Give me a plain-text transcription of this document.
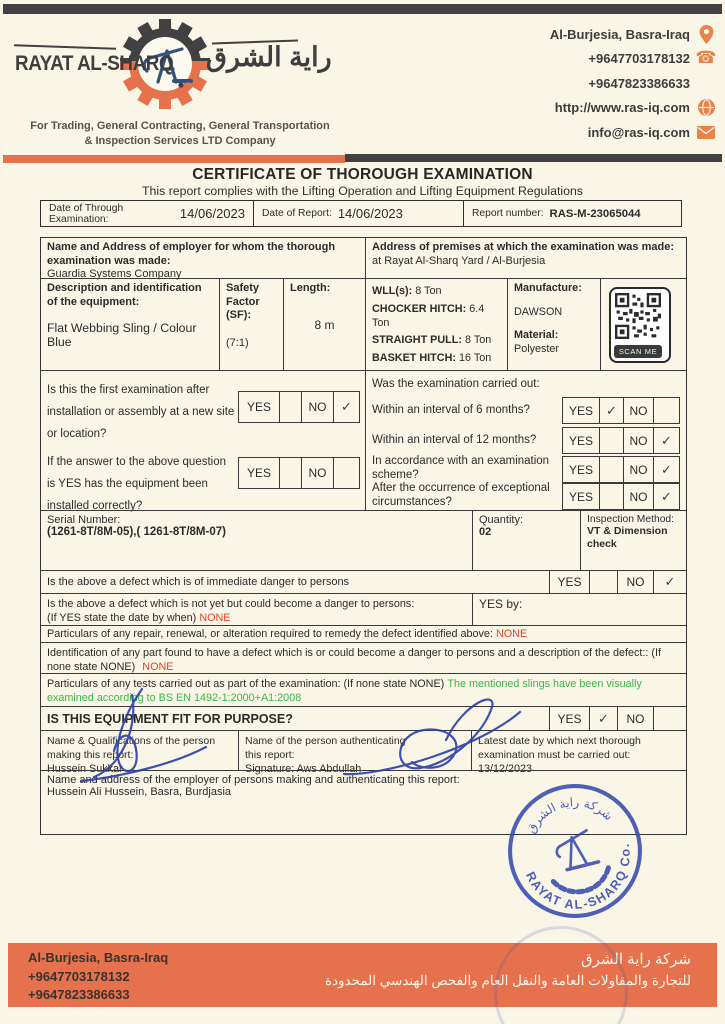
RAYAT AL-SHARQ راية الشرق
For Trading, General Contracting, General Transportation
& Inspection Services LTD Company
Al-Burjesia, Basra-Iraq
+9647703178132 ☎
+9647823386633
http://www.ras-iq.com
info@ras-iq.com
CERTIFICATE OF THOROUGH EXAMINATION
This report complies with the Lifting Operation and Lifting Equipment Regulations
Date of Through Examination:	14/06/2023 Date of Report: 14/06/2023	Report number: RAS-M-23065044
Name and Address of employer for whom the thorough examination was made:
Guardia Systems Company
Address of premises at which the examination was made:
at Rayat Al-Sharq Yard / Al-Burjesia
Description and identification of the equipment:
Flat Webbing Sling / Colour Blue
Safety Factor (SF):
(7:1)
Length:
8 m
WLL(s): 8 Ton
CHOCKER HITCH: 6.4 Ton
STRAIGHT PULL: 8 Ton
BASKET HITCH: 16 Ton
Manufacture:
DAWSON
Material:
Polyester	SCAN ME
Is this the first examination after installation or assembly at a new site or location?
YES	NO	✓
If the answer to the above question is YES has the equipment been installed correctly?
YES	NO
Was the examination carried out:
Within an interval of 6 months?	YES	✓	NO
Within an interval of 12 months?	YES	NO	✓
In accordance with an examination scheme?	YES	NO	✓
After the occurrence of exceptional circumstances?	YES	NO	✓
Serial Number:
(1261-8T/8M-05),( 1261-8T/8M-07)
Quantity:
02
Inspection Method:
VT & Dimension check
Is the above a defect which is of immediate danger to persons	YES	NO	✓
Is the above a defect which is not yet but could become a danger to persons:
(If YES state the date by when) NONE
YES by:
Particulars of any repair, renewal, or alteration required to remedy the defect identified above: NONE
Identification of any part found to have a defect which is or could become a danger to persons and a description of the defect:: (If none state NONE) NONE
Particulars of any tests carried out as part of the examination: (If none state NONE) The mentioned slings have been visually examined according to BS EN 1492-1:2000+A1:2008
IS THIS EQUIPMENT FIT FOR PURPOSE?	YES	✓	NO
Name & Qualifications of the person making this report:
Hussein Sukkar
Name of the person authenticating this report:
Signature: Aws Abdullah
Latest date by which next thorough examination must be carried out:
13/12/2023
Name and address of the employer of persons making and authenticating this report:
Hussein Ali Hussein, Basra, Burdjasia
RAYAT AL-SHARQ Co.
شركة راية الشرق
Al-Burjesia, Basra-Iraq
+9647703178132
+9647823386633
شركة راية الشرق
للتجارة والمقاولات العامة والنقل العام والفحص الهندسي المحدودة
